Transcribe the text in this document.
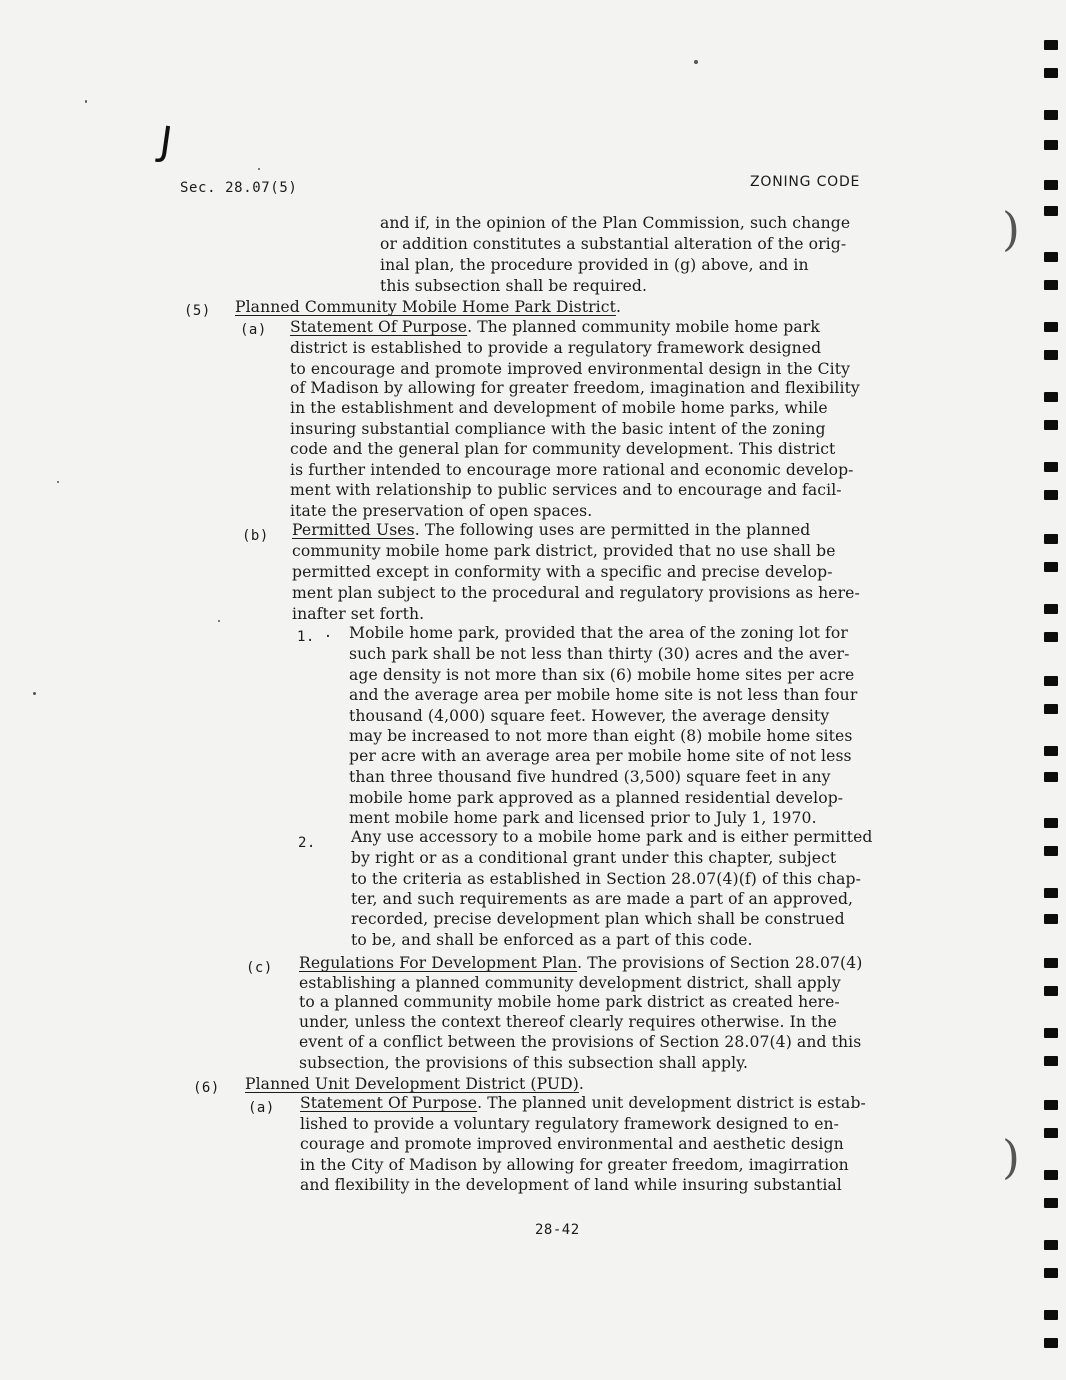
J
)
)
Sec. 28.07(5)	ZONING CODE
and if, in the opinion of the Plan Commission, such change
or addition constitutes a substantial alteration of the orig-
inal plan, the procedure provided in (g) above, and in
this subsection shall be required.
(5) Planned Community Mobile Home Park District.
(a) Statement Of Purpose. The planned community mobile home park
district is established to provide a regulatory framework designed
to encourage and promote improved environmental design in the City
of Madison by allowing for greater freedom, imagination and flexibility
in the establishment and development of mobile home parks, while
insuring substantial compliance with the basic intent of the zoning
code and the general plan for community development. This district
is further intended to encourage more rational and economic develop-
ment with relationship to public services and to encourage and facil-
itate the preservation of open spaces.
(b) Permitted Uses. The following uses are permitted in the planned
community mobile home park district, provided that no use shall be
permitted except in conformity with a specific and precise develop-
ment plan subject to the procedural and regulatory provisions as here-
inafter set forth.
1. · Mobile home park, provided that the area of the zoning lot for
such park shall be not less than thirty (30) acres and the aver-
age density is not more than six (6) mobile home sites per acre
and the average area per mobile home site is not less than four
thousand (4,000) square feet. However, the average density
may be increased to not more than eight (8) mobile home sites
per acre with an average area per mobile home site of not less
than three thousand five hundred (3,500) square feet in any
mobile home park approved as a planned residential develop-
ment mobile home park and licensed prior to July 1, 1970.
2. Any use accessory to a mobile home park and is either permitted
by right or as a conditional grant under this chapter, subject
to the criteria as established in Section 28.07(4)(f) of this chap-
ter, and such requirements as are made a part of an approved,
recorded, precise development plan which shall be construed
to be, and shall be enforced as a part of this code.
(c) Regulations For Development Plan. The provisions of Section 28.07(4)
establishing a planned community development district, shall apply
to a planned community mobile home park district as created here-
under, unless the context thereof clearly requires otherwise. In the
event of a conflict between the provisions of Section 28.07(4) and this
subsection, the provisions of this subsection shall apply.
(6) Planned Unit Development District (PUD).
(a) Statement Of Purpose. The planned unit development district is estab-
lished to provide a voluntary regulatory framework designed to en-
courage and promote improved environmental and aesthetic design
in the City of Madison by allowing for greater freedom, imagirration
and flexibility in the development of land while insuring substantial
28-42
